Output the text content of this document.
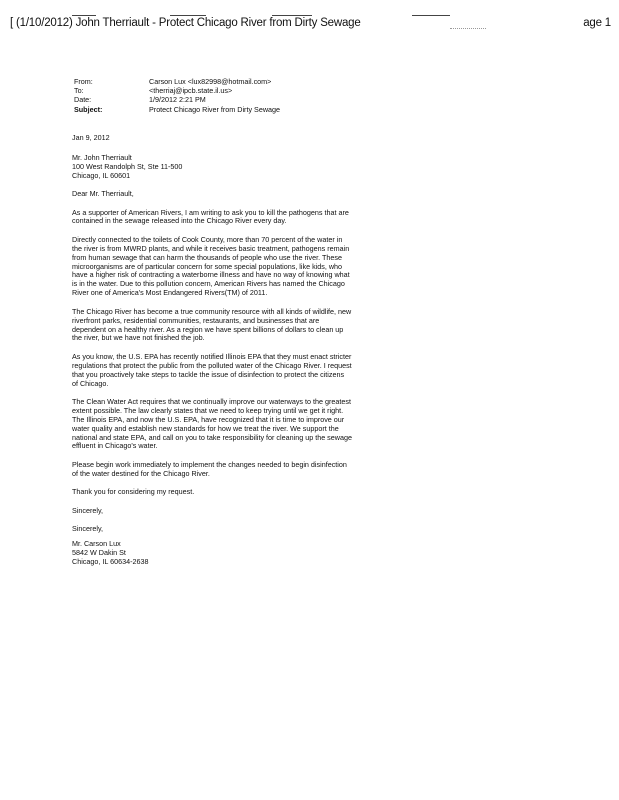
[ (1/10/2012) John Therriault - Protect Chicago River from Dirty Sewage	age 1
From:	Carson Lux <lux82998@hotmail.com>
To:	<therriaj@ipcb.state.il.us>
Date:	1/9/2012 2:21 PM
Subject:	Protect Chicago River from Dirty Sewage

Jan 9, 2012

Mr. John Therriault
100 West Randolph St, Ste 11-500
Chicago, IL 60601

Dear Mr. Therriault,

As a supporter of American Rivers, I am writing to ask you to kill the pathogens that are contained in the sewage released into the Chicago River every day.

Directly connected to the toilets of Cook County, more than 70 percent of the water in the river is from MWRD plants, and while it receives basic treatment, pathogens remain from human sewage that can harm the thousands of people who use the river. These microorganisms are of particular concern for some special populations, like kids, who have a higher risk of contracting a waterborne illness and have no way of knowing what is in the water. Due to this pollution concern, American Rivers has named the Chicago River one of America's Most Endangered Rivers(TM) of 2011.

The Chicago River has become a true community resource with all kinds of wildlife, new riverfront parks, residential communities, restaurants, and businesses that are dependent on a healthy river. As a region we have spent billions of dollars to clean up the river, but we have not finished the job.

As you know, the U.S. EPA has recently notified Illinois EPA that they must enact stricter regulations that protect the public from the polluted water of the Chicago River. I request that you proactively take steps to tackle the issue of disinfection to protect the citizens of Chicago.

The Clean Water Act requires that we continually improve our waterways to the greatest extent possible. The law clearly states that we need to keep trying until we get it right. The Illinois EPA, and now the U.S. EPA, have recognized that it is time to improve our water quality and establish new standards for how we treat the river. We support the national and state EPA, and call on you to take responsibility for cleaning up the sewage effluent in Chicago's water.

Please begin work immediately to implement the changes needed to begin disinfection of the water destined for the Chicago River.

Thank you for considering my request.

Sincerely,

Sincerely,

Mr. Carson Lux
5842 W Dakin St
Chicago, IL 60634-2638
